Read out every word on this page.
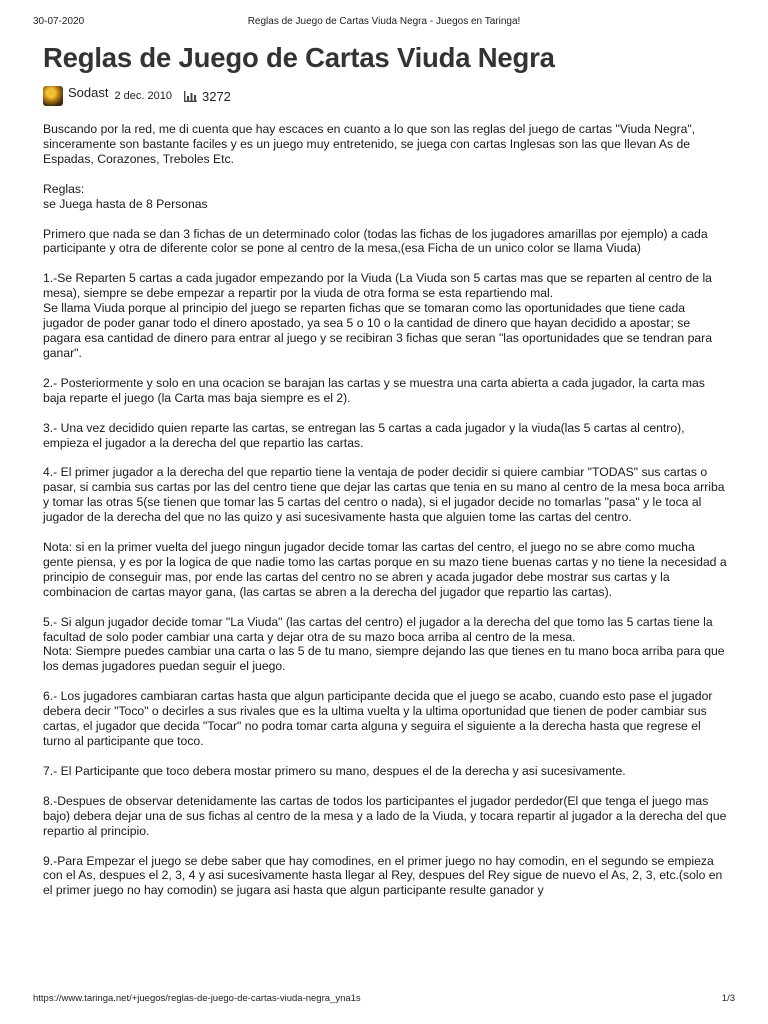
30-07-2020	Reglas de Juego de Cartas Viuda Negra - Juegos en Taringa!
Reglas de Juego de Cartas Viuda Negra
Sodast 2 dec. 2010 3272

Buscando por la red, me di cuenta que hay escaces en cuanto a lo que son las reglas del juego de cartas "Viuda Negra", sinceramente son bastante faciles y es un juego muy entretenido, se juega con cartas Inglesas son las que llevan As de Espadas, Corazones, Treboles Etc.

Reglas:
se Juega hasta de 8 Personas

Primero que nada se dan 3 fichas de un determinado color (todas las fichas de los jugadores amarillas por ejemplo) a cada participante y otra de diferente color se pone al centro de la mesa,(esa Ficha de un unico color se llama Viuda)

1.-Se Reparten 5 cartas a cada jugador empezando por la Viuda (La Viuda son 5 cartas mas que se reparten al centro de la mesa), siempre se debe empezar a repartir por la viuda de otra forma se esta repartiendo mal.
Se llama Viuda porque al principio del juego se reparten fichas que se tomaran como las oportunidades que tiene cada jugador de poder ganar todo el dinero apostado, ya sea 5 o 10 o la cantidad de dinero que hayan decidido a apostar; se pagara esa cantidad de dinero para entrar al juego y se recibiran 3 fichas que seran "las oportunidades que se tendran para ganar".

2.- Posteriormente y solo en una ocacion se barajan las cartas y se muestra una carta abierta a cada jugador, la carta mas baja reparte el juego (la Carta mas baja siempre es el 2).

3.- Una vez decidido quien reparte las cartas, se entregan las 5 cartas a cada jugador y la viuda(las 5 cartas al centro), empieza el jugador a la derecha del que repartio las cartas.

4.- El primer jugador a la derecha del que repartio tiene la ventaja de poder decidir si quiere cambiar "TODAS" sus cartas o pasar, si cambia sus cartas por las del centro tiene que dejar las cartas que tenia en su mano al centro de la mesa boca arriba y tomar las otras 5(se tienen que tomar las 5 cartas del centro o nada), si el jugador decide no tomarlas "pasa" y le toca al jugador de la derecha del que no las quizo y asi sucesivamente hasta que alguien tome las cartas del centro.

Nota: si en la primer vuelta del juego ningun jugador decide tomar las cartas del centro, el juego no se abre como mucha gente piensa, y es por la logica de que nadie tomo las cartas porque en su mazo tiene buenas cartas y no tiene la necesidad a principio de conseguir mas, por ende las cartas del centro no se abren y acada jugador debe mostrar sus cartas y la combinacion de cartas mayor gana, (las cartas se abren a la derecha del jugador que repartio las cartas).

5.- Si algun jugador decide tomar "La Viuda" (las cartas del centro) el jugador a la derecha del que tomo las 5 cartas tiene la facultad de solo poder cambiar una carta y dejar otra de su mazo boca arriba al centro de la mesa.
Nota: Siempre puedes cambiar una carta o las 5 de tu mano, siempre dejando las que tienes en tu mano boca arriba para que los demas jugadores puedan seguir el juego.

6.- Los jugadores cambiaran cartas hasta que algun participante decida que el juego se acabo, cuando esto pase el jugador debera decir "Toco" o decirles a sus rivales que es la ultima vuelta y la ultima oportunidad que tienen de poder cambiar sus cartas, el jugador que decida "Tocar" no podra tomar carta alguna y seguira el siguiente a la derecha hasta que regrese el turno al participante que toco.

7.- El Participante que toco debera mostar primero su mano, despues el de la derecha y asi sucesivamente.

8.-Despues de observar detenidamente las cartas de todos los participantes el jugador perdedor(El que tenga el juego mas bajo) debera dejar una de sus fichas al centro de la mesa y a lado de la Viuda, y tocara repartir al jugador a la derecha del que repartio al principio.

9.-Para Empezar el juego se debe saber que hay comodines, en el primer juego no hay comodin, en el segundo se empieza con el As, despues el 2, 3, 4 y asi sucesivamente hasta llegar al Rey, despues del Rey sigue de nuevo el As, 2, 3, etc.(solo en el primer juego no hay comodin) se jugara asi hasta que algun participante resulte ganador y

https://www.taringa.net/+juegos/reglas-de-juego-de-cartas-viuda-negra_yna1s	1/3
